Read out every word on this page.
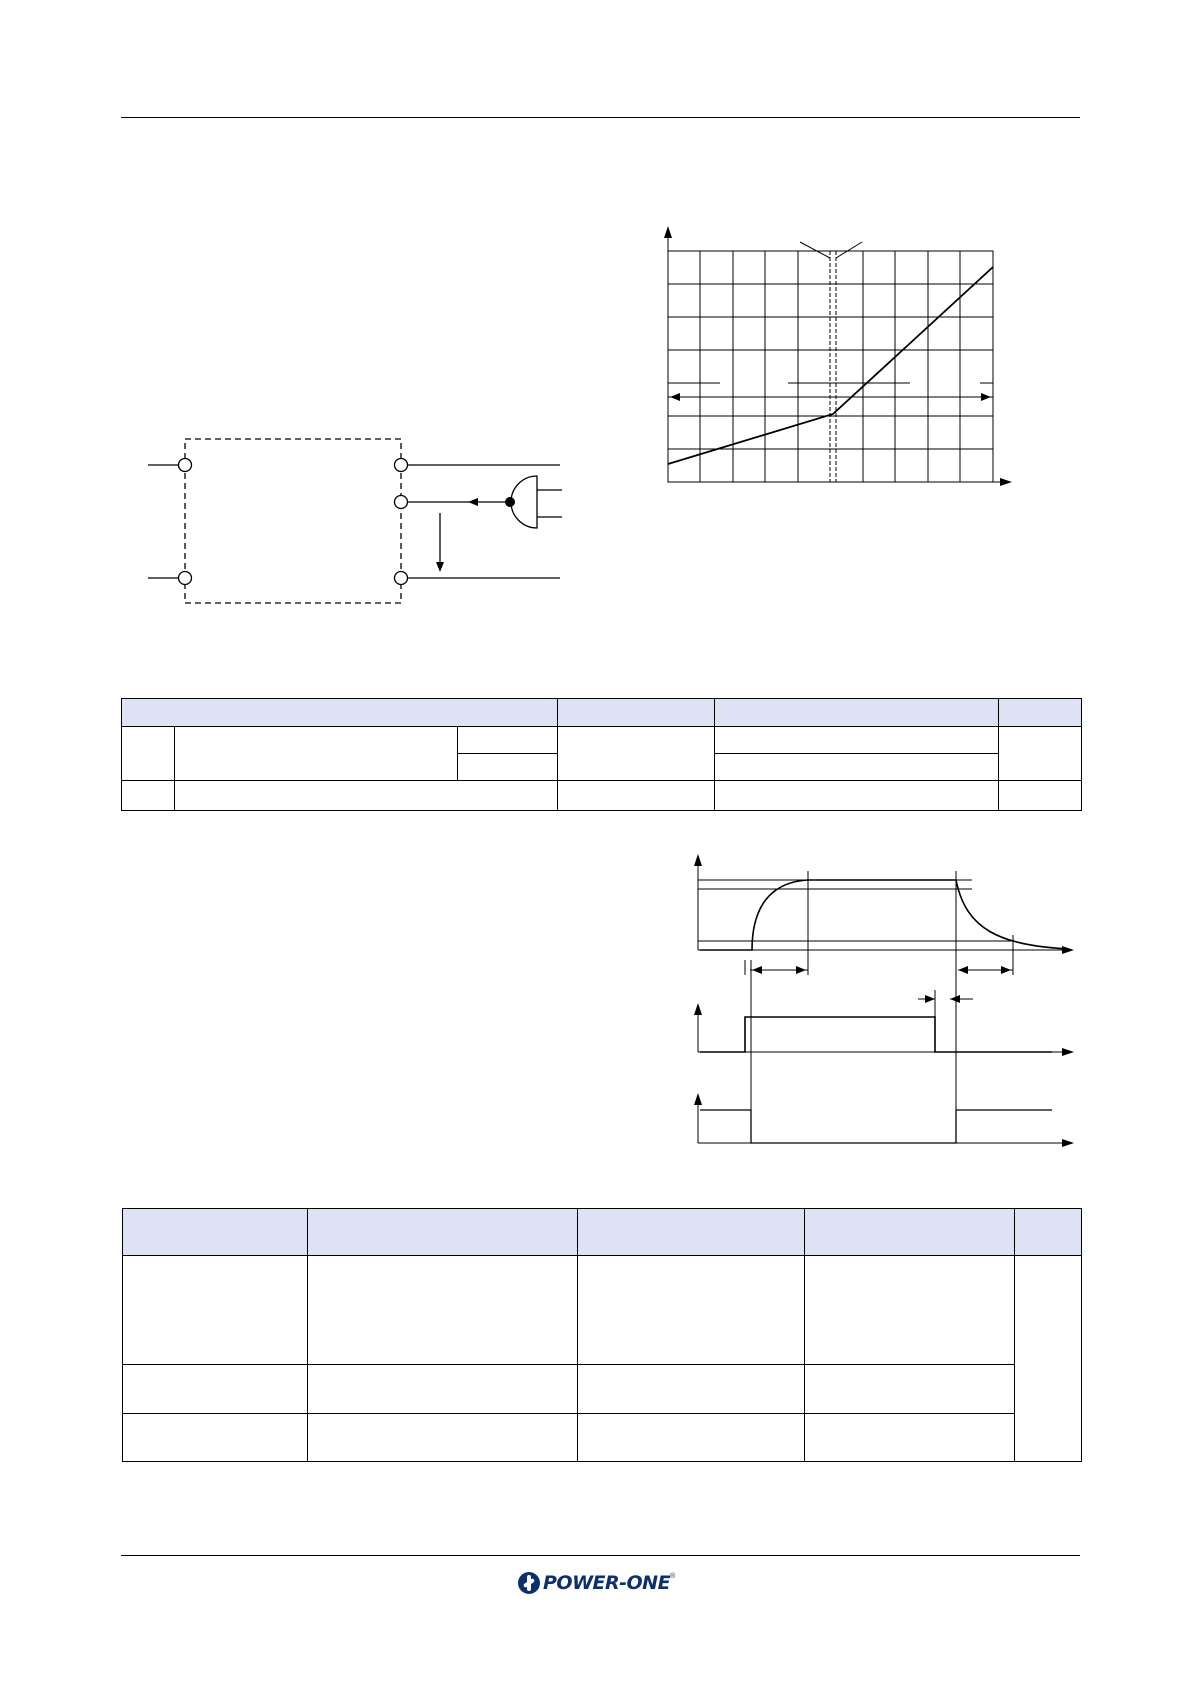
POWER-ONE ®
